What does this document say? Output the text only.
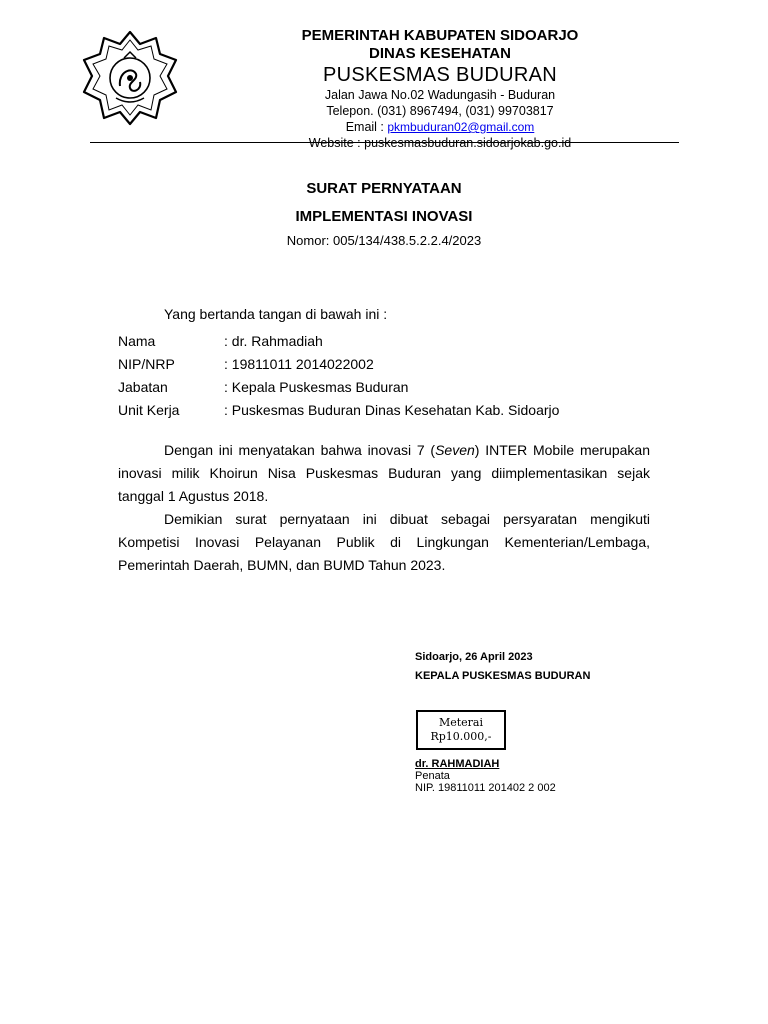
PEMERINTAH KABUPATEN SIDOARJO
DINAS KESEHATAN
PUSKESMAS BUDURAN
Jalan Jawa No.02 Wadungasih - Buduran
Telepon. (031) 8967494, (031) 99703817
Email : pkmbuduran02@gmail.com
Website : puskesmasbuduran.sidoarjokab.go.id
SURAT PERNYATAAN
IMPLEMENTASI INOVASI
Nomor: 005/134/438.5.2.2.4/2023
Yang bertanda tangan di bawah ini :
Nama	: dr. Rahmadiah
NIP/NRP	: 19811011 2014022002
Jabatan	: Kepala Puskesmas Buduran
Unit Kerja	: Puskesmas Buduran Dinas Kesehatan Kab. Sidoarjo
Dengan ini menyatakan bahwa inovasi 7 (Seven) INTER Mobile merupakan
inovasi milik Khoirun Nisa Puskesmas Buduran yang diimplementasikan sejak
tanggal 1 Agustus 2018.
Demikian surat pernyataan ini dibuat sebagai persyaratan mengikuti
Kompetisi Inovasi Pelayanan Publik di Lingkungan Kementerian/Lembaga,
Pemerintah Daerah, BUMN, dan BUMD Tahun 2023.
Sidoarjo, 26 April 2023
KEPALA PUSKESMAS BUDURAN
Meterai
Rp10.000,-
dr. RAHMADIAH
Penata
NIP. 19811011 201402 2 002
